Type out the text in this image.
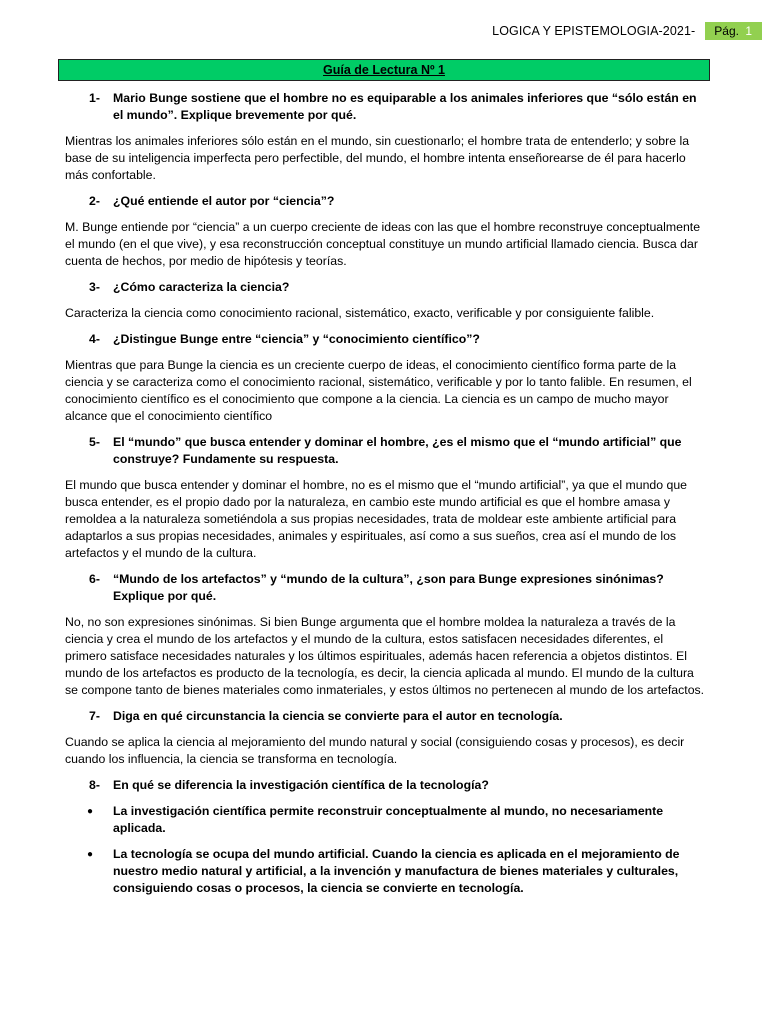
LOGICA Y EPISTEMOLOGIA-2021-	Pág. 1
Guía de Lectura Nº 1
1-	Mario Bunge sostiene que el hombre no es equiparable a los animales inferiores que “sólo están en el mundo”. Explique brevemente por qué.

Mientras los animales inferiores sólo están en el mundo, sin cuestionarlo; el hombre trata de entenderlo; y sobre la base de su inteligencia imperfecta pero perfectible, del mundo, el hombre intenta enseñorearse de él para hacerlo más confortable.

2-	¿Qué entiende el autor por “ciencia”?

M. Bunge entiende por “ciencia” a un cuerpo creciente de ideas con las que el hombre reconstruye conceptualmente el mundo (en el que vive), y esa reconstrucción conceptual constituye un mundo artificial llamado ciencia. Busca dar cuenta de hechos, por medio de hipótesis y teorías.

3-	¿Cómo caracteriza la ciencia?

Caracteriza la ciencia como conocimiento racional, sistemático, exacto, verificable y por consiguiente falible.

4-	¿Distingue Bunge entre “ciencia” y “conocimiento científico”?

Mientras que para Bunge la ciencia es un creciente cuerpo de ideas, el conocimiento científico forma parte de la ciencia y se caracteriza como el conocimiento racional, sistemático, verificable y por lo tanto falible. En resumen, el conocimiento científico es el conocimiento que compone a la ciencia. La ciencia es un campo de mucho mayor alcance que el conocimiento científico

5-	El “mundo” que busca entender y dominar el hombre, ¿es el mismo que el “mundo artificial” que construye? Fundamente su respuesta.

El mundo que busca entender y dominar el hombre, no es el mismo que el “mundo artificial”, ya que el mundo que busca entender, es el propio dado por la naturaleza, en cambio este mundo artificial es que el hombre amasa y remoldea a la naturaleza sometiéndola a sus propias necesidades, trata de moldear este ambiente artificial para adaptarlos a sus propias necesidades, animales y espirituales, así como a sus sueños, crea así el mundo de los artefactos y el mundo de la cultura.

6-	“Mundo de los artefactos” y “mundo de la cultura”, ¿son para Bunge expresiones sinónimas? Explique por qué.

No, no son expresiones sinónimas. Si bien Bunge argumenta que el hombre moldea la naturaleza a través de la ciencia y crea el mundo de los artefactos y el mundo de la cultura, estos satisfacen necesidades diferentes, el primero satisface necesidades naturales y los últimos espirituales, además hacen referencia a objetos distintos. El mundo de los artefactos es producto de la tecnología, es decir, la ciencia aplicada al mundo. El mundo de la cultura se compone tanto de bienes materiales como inmateriales, y estos últimos no pertenecen al mundo de los artefactos.

7-	Diga en qué circunstancia la ciencia se convierte para el autor en tecnología.

Cuando se aplica la ciencia al mejoramiento del mundo natural y social (consiguiendo cosas y procesos), es decir cuando los influencia, la ciencia se transforma en tecnología.

8-	En qué se diferencia la investigación científica de la tecnología?
●	La investigación científica permite reconstruir conceptualmente al mundo, no necesariamente aplicada.
●	La tecnología se ocupa del mundo artificial. Cuando la ciencia es aplicada en el mejoramiento de nuestro medio natural y artificial, a la invención y manufactura de bienes materiales y culturales, consiguiendo cosas o procesos, la ciencia se convierte en tecnología.
